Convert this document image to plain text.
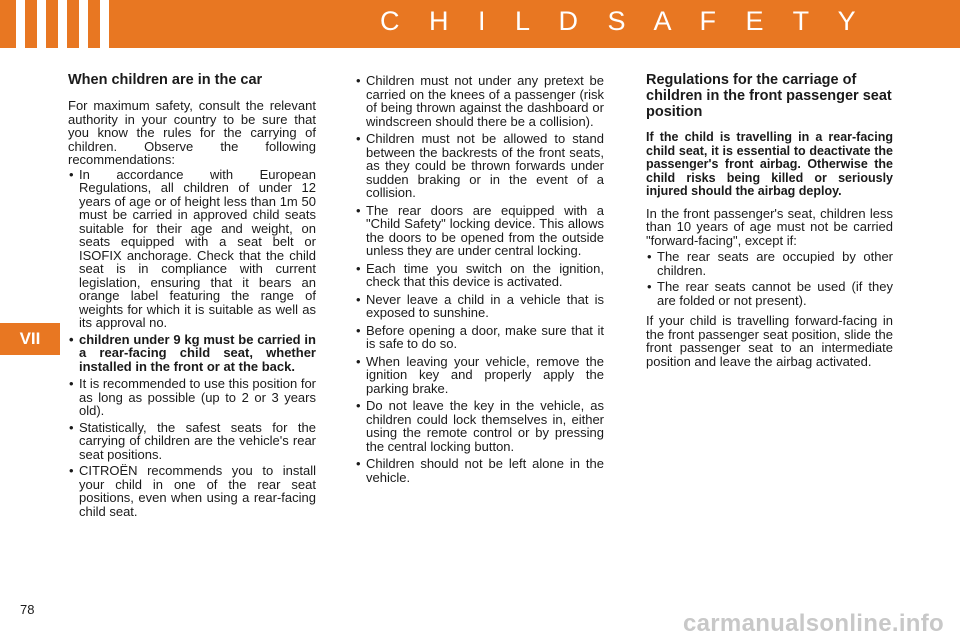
C H I L D S A F E T Y
VII
When children are in the car

For maximum safety, consult the relevant authority in your country to be sure that you know the rules for the carrying of children. Observe the following recommendations:

• In accordance with European Regulations, all children of under 12 years of age or of height less than 1m 50 must be carried in approved child seats suitable for their age and weight, on seats equipped with a seat belt or ISOFIX anchorage. Check that the child seat is in compliance with current legislation, ensuring that it bears an orange label featuring the range of weights for which it is suitable as well as its approval no.
• children under 9 kg must be carried in a rear-facing child seat, whether installed in the front or at the back.
• It is recommended to use this position for as long as possible (up to 2 or 3 years old).
• Statistically, the safest seats for the carrying of children are the vehicle's rear seat positions.
• CITROËN recommends you to install your child in one of the rear seat positions, even when using a rear-facing child seat.
• Children must not under any pretext be carried on the knees of a passenger (risk of being thrown against the dashboard or windscreen should there be a collision).
• Children must not be allowed to stand between the backrests of the front seats, as they could be thrown forwards under sudden braking or in the event of a collision.
• The rear doors are equipped with a "Child Safety" locking device. This allows the doors to be opened from the outside unless they are under central locking.
• Each time you switch on the ignition, check that this device is activated.
• Never leave a child in a vehicle that is exposed to sunshine.
• Before opening a door, make sure that it is safe to do so.
• When leaving your vehicle, remove the ignition key and properly apply the parking brake.
• Do not leave the key in the vehicle, as children could lock themselves in, either using the remote control or by pressing the central locking button.
• Children should not be left alone in the vehicle.
Regulations for the carriage of children in the front passenger seat position

If the child is travelling in a rear-facing child seat, it is essential to deactivate the passenger's front airbag. Otherwise the child risks being killed or seriously injured should the airbag deploy.

In the front passenger's seat, children less than 10 years of age must not be carried "forward-facing", except if:

• The rear seats are occupied by other children.
• The rear seats cannot be used (if they are folded or not present).

If your child is travelling forward-facing in the front passenger seat position, slide the front passenger seat to an intermediate position and leave the airbag activated.

78
carmanualsonline.info
